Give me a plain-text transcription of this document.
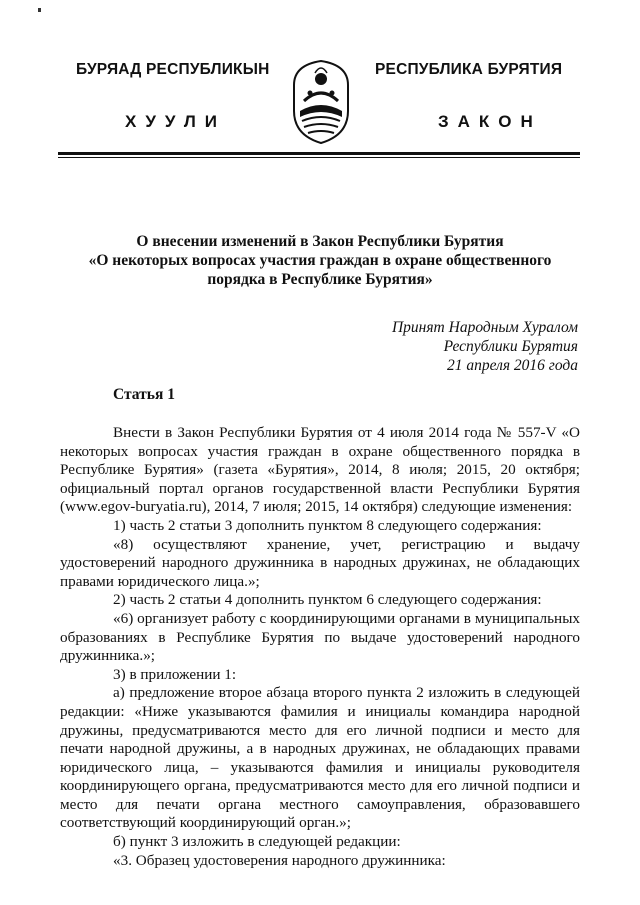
БУРЯАД РЕСПУБЛИКЫН	РЕСПУБЛИКА БУРЯТИЯ
ХУУЛИ	ЗАКОН
О внесении изменений в Закон Республики Бурятия
«О некоторых вопросах участия граждан в охране общественного
порядка в Республике Бурятия»
Принят Народным Хуралом
Республики Бурятия
21 апреля 2016 года
Статья 1

Внести в Закон Республики Бурятия от 4 июля 2014 года № 557-V «О некоторых вопросах участия граждан в охране общественного порядка в Республике Бурятия» (газета «Бурятия», 2014, 8 июля; 2015, 20 октября; официальный портал органов государственной власти Республики Бурятия (www.egov-buryatia.ru), 2014, 7 июля; 2015, 14 октября) следующие изменения:

1) часть 2 статьи 3 дополнить пунктом 8 следующего содержания:

«8) осуществляют хранение, учет, регистрацию и выдачу удостоверений народного дружинника в народных дружинах, не обладающих правами юридического лица.»;

2) часть 2 статьи 4 дополнить пунктом 6 следующего содержания:

«6) организует работу с координирующими органами в муниципальных образованиях в Республике Бурятия по выдаче удостоверений народного дружинника.»;

3) в приложении 1:

а) предложение второе абзаца второго пункта 2 изложить в следующей редакции: «Ниже указываются фамилия и инициалы командира народной дружины, предусматриваются место для его личной подписи и место для печати народной дружины, а в народных дружинах, не обладающих правами юридического лица, – указываются фамилия и инициалы руководителя координирующего органа, предусматриваются место для его личной подписи и место для печати органа местного самоуправления, образовавшего соответствующий координирующий орган.»;

б) пункт 3 изложить в следующей редакции:

«3. Образец удостоверения народного дружинника:
